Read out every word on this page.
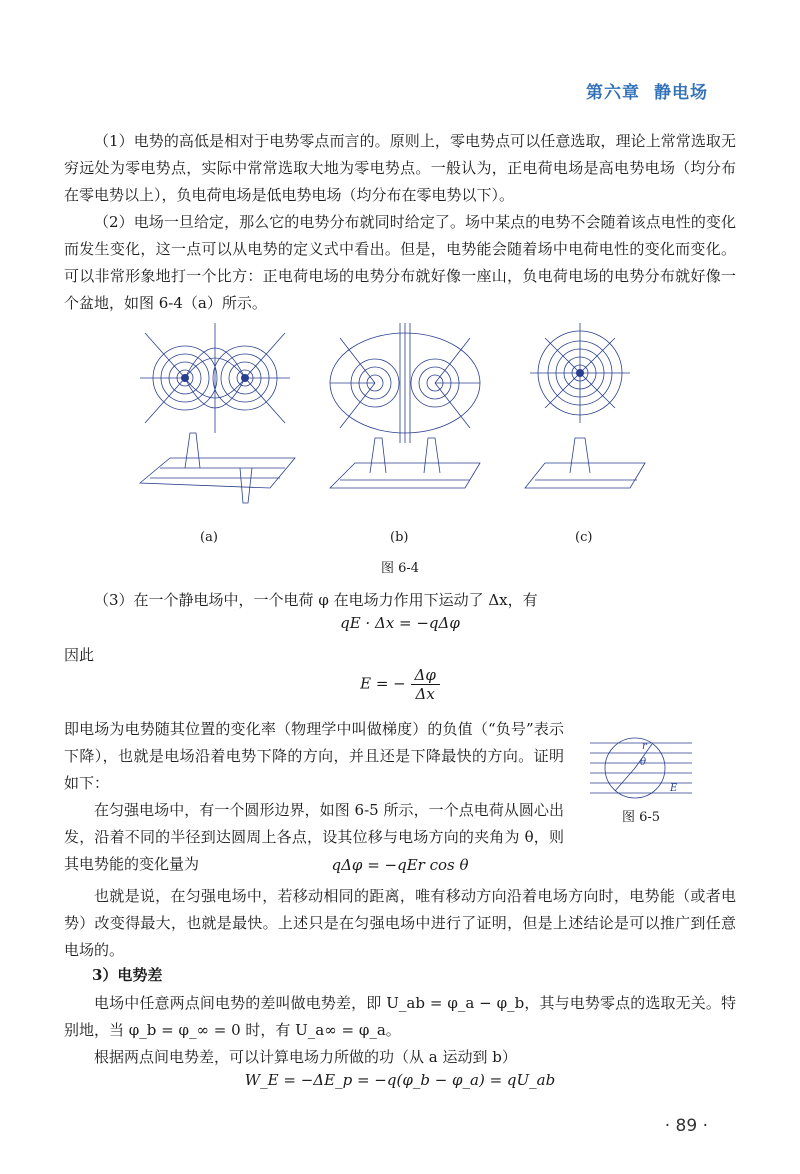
第六章 静电场

（1）电势的高低是相对于电势零点而言的。原则上，零电势点可以任意选取，理论上常常选取无穷远处为零电势点，实际中常常选取大地为零电势点。一般认为，正电荷电场是高电势电场（均分布在零电势以上），负电荷电场是低电势电场（均分布在零电势以下）。

（2）电场一旦给定，那么它的电势分布就同时给定了。场中某点的电势不会随着该点电性的变化而发生变化，这一点可以从电势的定义式中看出。但是，电势能会随着场中电荷电性的变化而变化。可以非常形象地打一个比方：正电荷电场的电势分布就好像一座山，负电荷电场的电势分布就好像一个盆地，如图 6-4（a）所示。

(a)	(b)	(c)
图 6-4

（3）在一个静电场中，一个电荷 φ 在电场力作用下运动了 Δx，有

qE · Δx = −qΔφ

因此

E = − $\frac{\Delta\varphi}{\Delta x}$

即电场为电势随其位置的变化率（物理学中叫做梯度）的负值（“负号”表示下降），也就是电场沿着电势下降的方向，并且还是下降最快的方向。证明如下：

在匀强电场中，有一个圆形边界，如图 6-5 所示，一个点电荷从圆心出发，沿着不同的半径到达圆周上各点，设其位移与电场方向的夹角为 θ，则其电势能的变化量为

r
θ
E
图 6-5

qΔφ = −qEr cos θ

也就是说，在匀强电场中，若移动相同的距离，唯有移动方向沿着电场方向时，电势能（或者电势）改变得最大，也就是最快。上述只是在匀强电场中进行了证明，但是上述结论是可以推广到任意电场的。

3）电势差

电场中任意两点间电势的差叫做电势差，即 U_ab = φ_a − φ_b，其与电势零点的选取无关。特别地，当 φ_b = φ_∞ = 0 时，有 U_a∞ = φ_a。

根据两点间电势差，可以计算电场力所做的功（从 a 运动到 b）

W_E = −ΔE_p = −q(φ_b − φ_a) = qU_ab

· 89 ·
